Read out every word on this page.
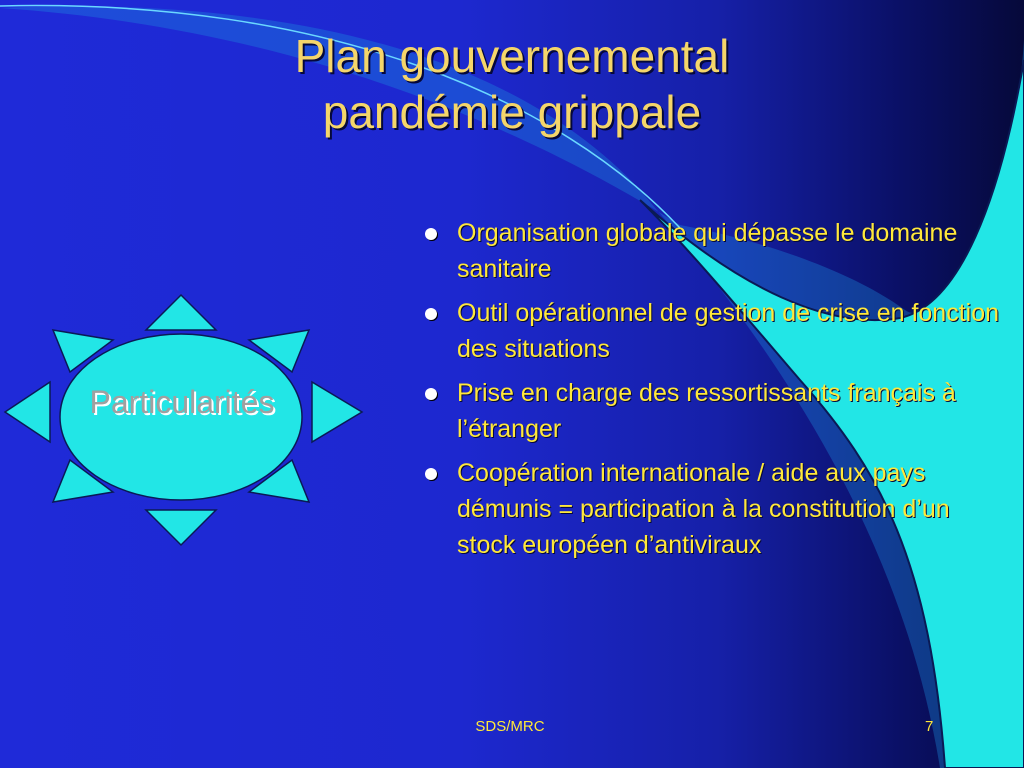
Plan gouvernemental
pandémie grippale
Particularités
Organisation globale qui dépasse le domaine sanitaire
Outil opérationnel de gestion de crise en fonction des situations
Prise en charge des ressortissants français à l’étranger
Coopération internationale / aide aux pays démunis = participation à la constitution d’un stock européen d’antiviraux
SDS/MRC	7
